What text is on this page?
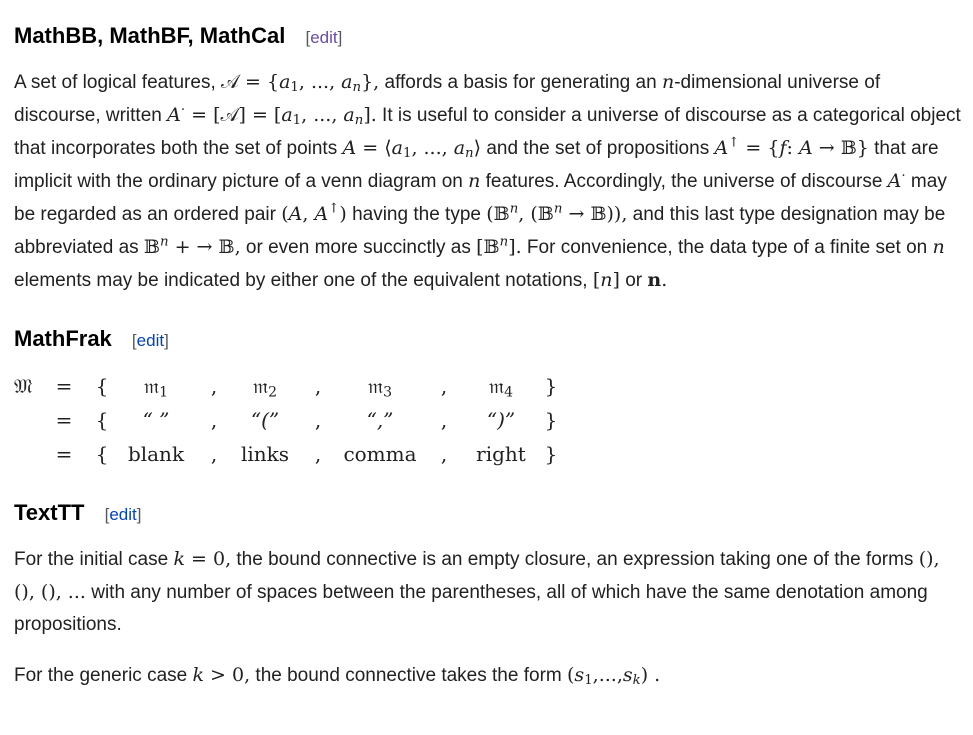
MathBB, MathBF, MathCal [edit]

A set of logical features, 𝒜 = {a1, ..., an}, affords a basis for generating an n-dimensional universe of discourse, written A· = [𝒜] = [a1, ..., an]. It is useful to consider a universe of discourse as a categorical object that incorporates both the set of points A = ⟨a1, ..., an⟩ and the set of propositions A↑ = {f: A → 𝔹} that are implicit with the ordinary picture of a venn diagram on n features. Accordingly, the universe of discourse A· may be regarded as an ordered pair (A, A↑) having the type (𝔹$^n$, (𝔹$^n$ → 𝔹)), and this last type designation may be abbreviated as 𝔹$^n$ + → 𝔹, or even more succinctly as [𝔹$^n$]. For convenience, the data type of a finite set on n elements may be indicated by either one of the equivalent notations, [n] or n.

MathFrak [edit]
𝔐	=	{	𝔪1	,	𝔪2	,	𝔪3	,	𝔪4	}
	=	{	“ ”	,	“(”	,	“,”	,	“)”	}
	=	{	blank	,	links	,	comma	,	right	}
TextTT [edit]

For the initial case k = 0, the bound connective is an empty closure, an expression taking one of the forms (), (), (), ... with any number of spaces between the parentheses, all of which have the same denotation among propositions.

For the generic case k > 0, the bound connective takes the form (s1,...,sk) .
